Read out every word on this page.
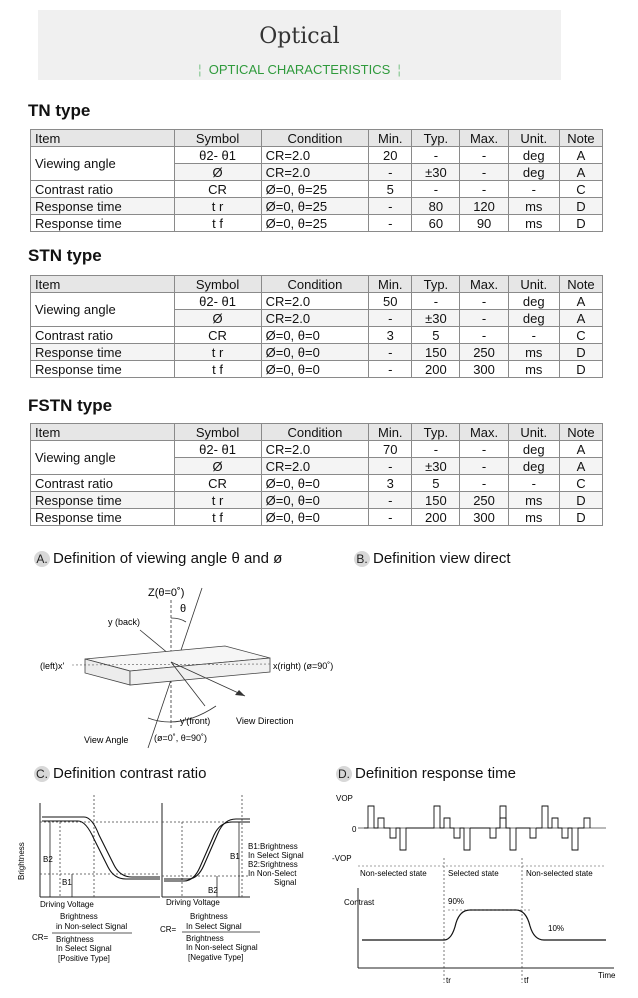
Optical
¦ OPTICAL CHARACTERISTICS ¦
TN type
STN type
FSTN type
Item	Symbol	Condition	Min.	Typ.	Max.	Unit.	Note
Viewing angle	θ2- θ1	CR=2.0	20	-	-	deg	A
	Ø	CR=2.0	-	±30	-	deg	A
Contrast ratio	CR	Ø=0, θ=25	5	-	-	-	C
Response time	t r	Ø=0, θ=25	-	80	120	ms	D
Response time	t f	Ø=0, θ=25	-	60	90	ms	D
Item	Symbol	Condition	Min.	Typ.	Max.	Unit.	Note
Viewing angle	θ2- θ1	CR=2.0	50	-	-	deg	A
	Ø	CR=2.0	-	±30	-	deg	A
Contrast ratio	CR	Ø=0, θ=0	3	5	-	-	C
Response time	t r	Ø=0, θ=0	-	150	250	ms	D
Response time	t f	Ø=0, θ=0	-	200	300	ms	D
Item	Symbol	Condition	Min.	Typ.	Max.	Unit.	Note
Viewing angle	θ2- θ1	CR=2.0	70	-	-	deg	A
	Ø	CR=2.0	-	±30	-	deg	A
Contrast ratio	CR	Ø=0, θ=0	3	5	-	-	C
Response time	t r	Ø=0, θ=0	-	150	250	ms	D
Response time	t f	Ø=0, θ=0	-	200	300	ms	D
A. Definition of viewing angle θ and ø	B. Definition view direct
C. Definition contrast ratio	D. Definition response time
Z(θ=0˚)
θ
y (back)
(left)x'	x(right) (ø=90˚)
y'(front)	View Direction
View Angle	(ø=0˚, θ=90˚)
Brightness B2
B1
B1
B2
B1:Brightness
In Select Signal
B2:Srightness
In Non-Select
Signal
Driving Voltage	Driving Voltage
Brightness
in Non-select Signal
CR= Brightness
In Select Signal
[Positive Type]
Brightness
In Select Signal
CR=
Brightness
In Non-select Signal
[Negative Type]
VOP
0
-VOP
Non-selected state	Selected state	Non-selected state
Contrast	90%
10%
tr	tf
Time
